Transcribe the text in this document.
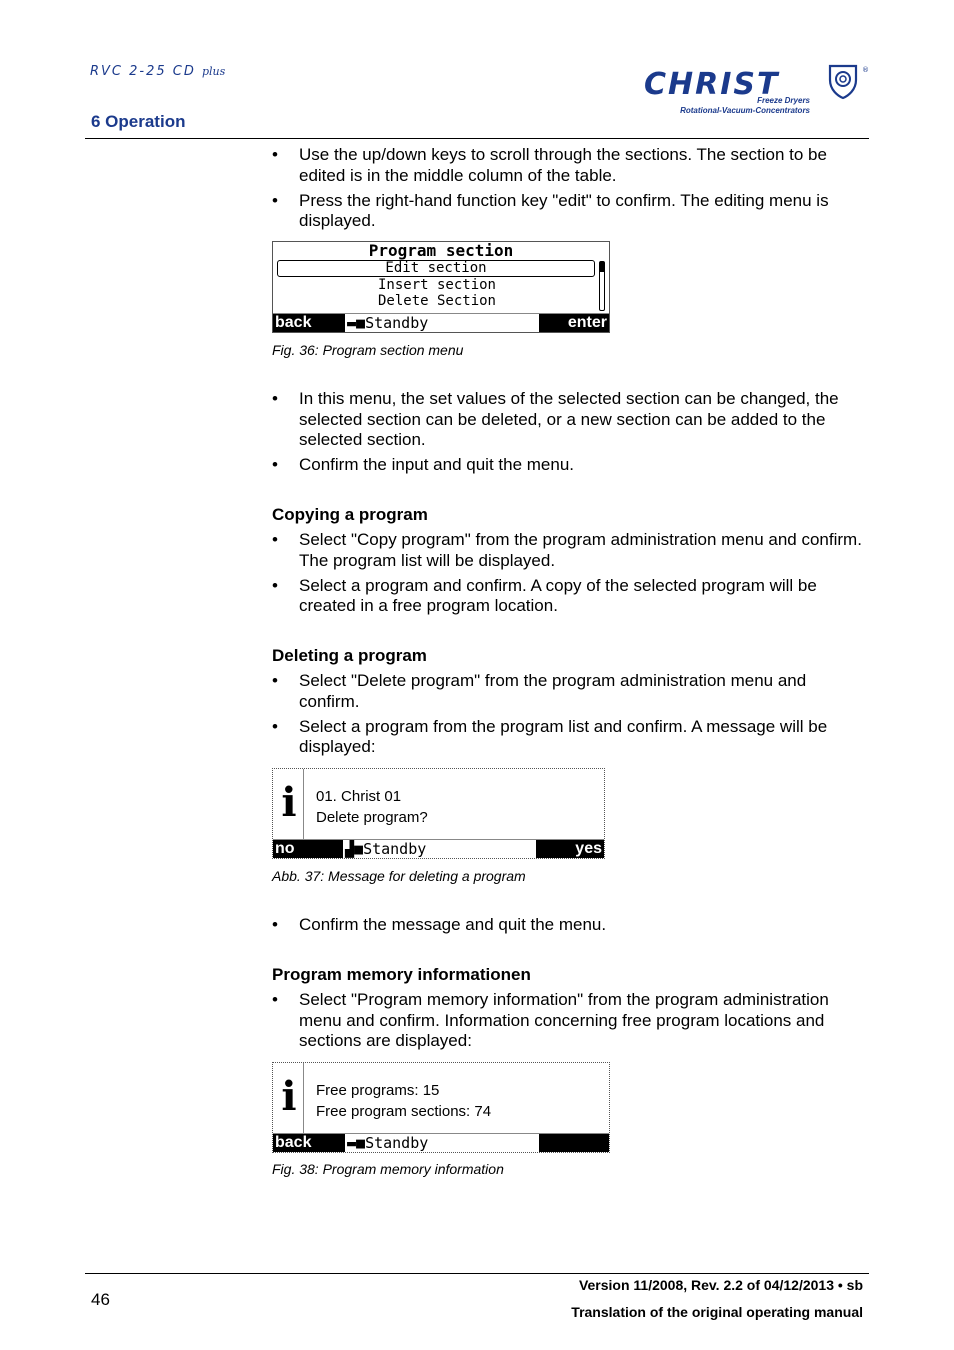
RVC 2-25 CD plus
6 Operation
CHRIST	®
Freeze Dryers
Rotational-Vacuum-Concentrators
• Use the up/down keys to scroll through the sections. The section to be edited is in the middle column of the table.
• Press the right-hand function key "edit" to confirm. The editing menu is displayed.
Program section
Edit section
Insert section
Delete Section
back	▬■Standby	enter
Fig. 36: Program section menu
• In this menu, the set values of the selected section can be changed, the selected section can be deleted, or a new section can be added to the selected section.
• Confirm the input and quit the menu.
Copying a program
• Select "Copy program" from the program administration menu and confirm. The program list will be displayed.
• Select a program and confirm. A copy of the selected program will be created in a free program location.
Deleting a program
• Select "Delete program" from the program administration menu and confirm.
• Select a program from the program list and confirm. A message will be displayed:
i 01. Christ 01
Delete program?
no	▟■Standby	yes
Abb. 37: Message for deleting a program
• Confirm the message and quit the menu.
Program memory informationen
• Select "Program memory information" from the program administration menu and confirm. Information concerning free program locations and sections are displayed:
i Free programs: 15
Free program sections: 74
back	▬■Standby
Fig. 38: Program memory information
46
Version 11/2008, Rev. 2.2 of 04/12/2013 • sb
Translation of the original operating manual
